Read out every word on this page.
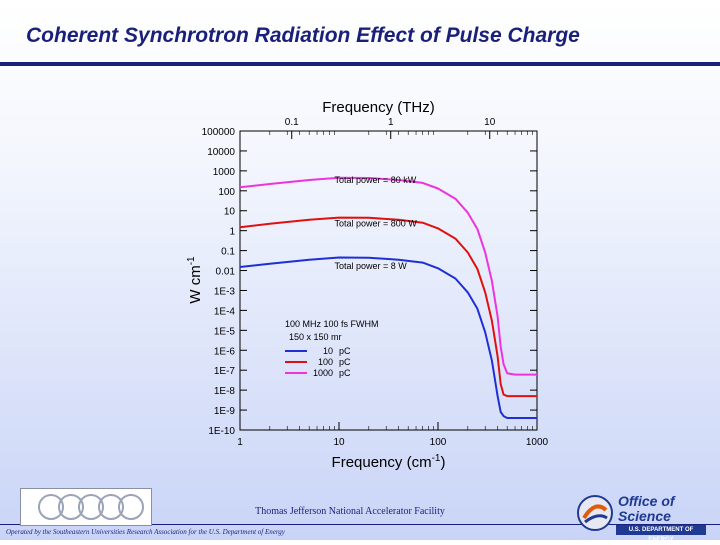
Coherent Synchrotron Radiation Effect of Pulse Charge
1	10	100	1000
0.1	1	10
100000
10000
1000
100
10
1
0.1
0.01
1E-3
1E-4
1E-5
1E-6
1E-7
1E-8
1E-9
1E-10
Frequency $(cm^{-1})$
Frequency (THz)
W $cm^{-1}$
Total power = 80 kW
Total power = 800 W
Total power = 8 W
100 MHz 100 fs FWHM
150 x 150 mr
10 pC
100 pC
1000 pC
Thomas Jefferson National Accelerator Facility
Operated by the Southeastern Universities Research Association for the U.S. Department of Energy
Office of
Science
U.S. DEPARTMENT OF ENERGY
